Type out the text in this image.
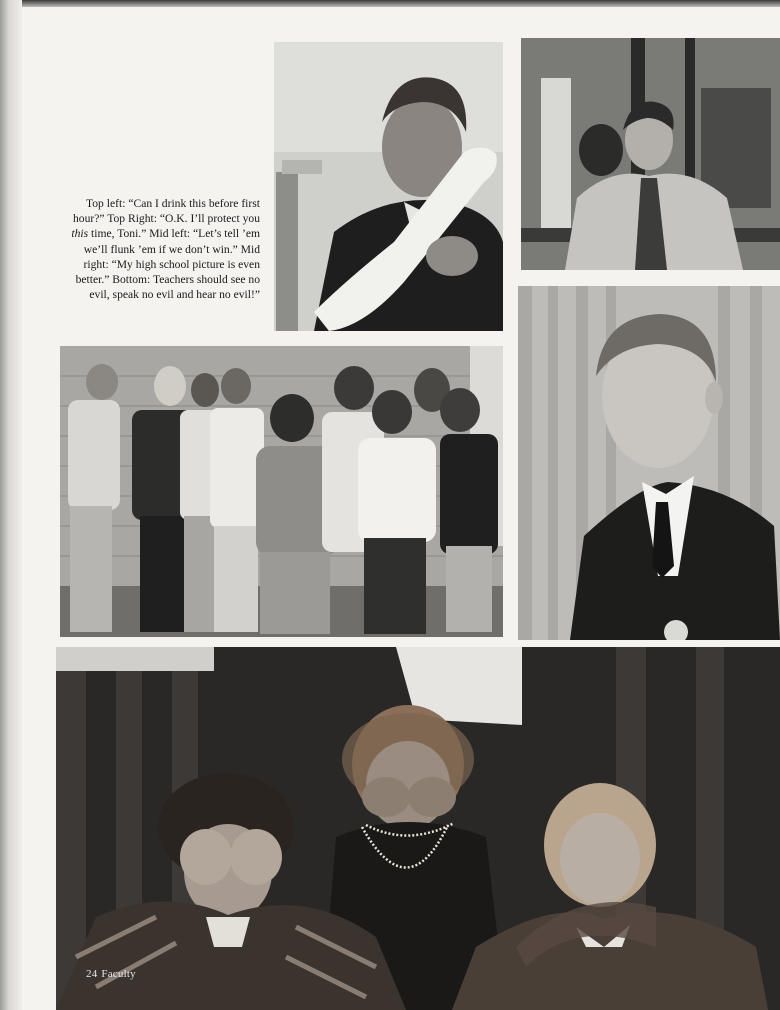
Top left: “Can I drink this before first hour?” Top Right: “O.K. I’ll protect you this time, Toni.” Mid left: “Let’s tell ’em we’ll flunk ’em if we don’t win.” Mid right: “My high school picture is even better.” Bottom: Teachers should see no evil, speak no evil and hear no evil!”
24 Faculty
